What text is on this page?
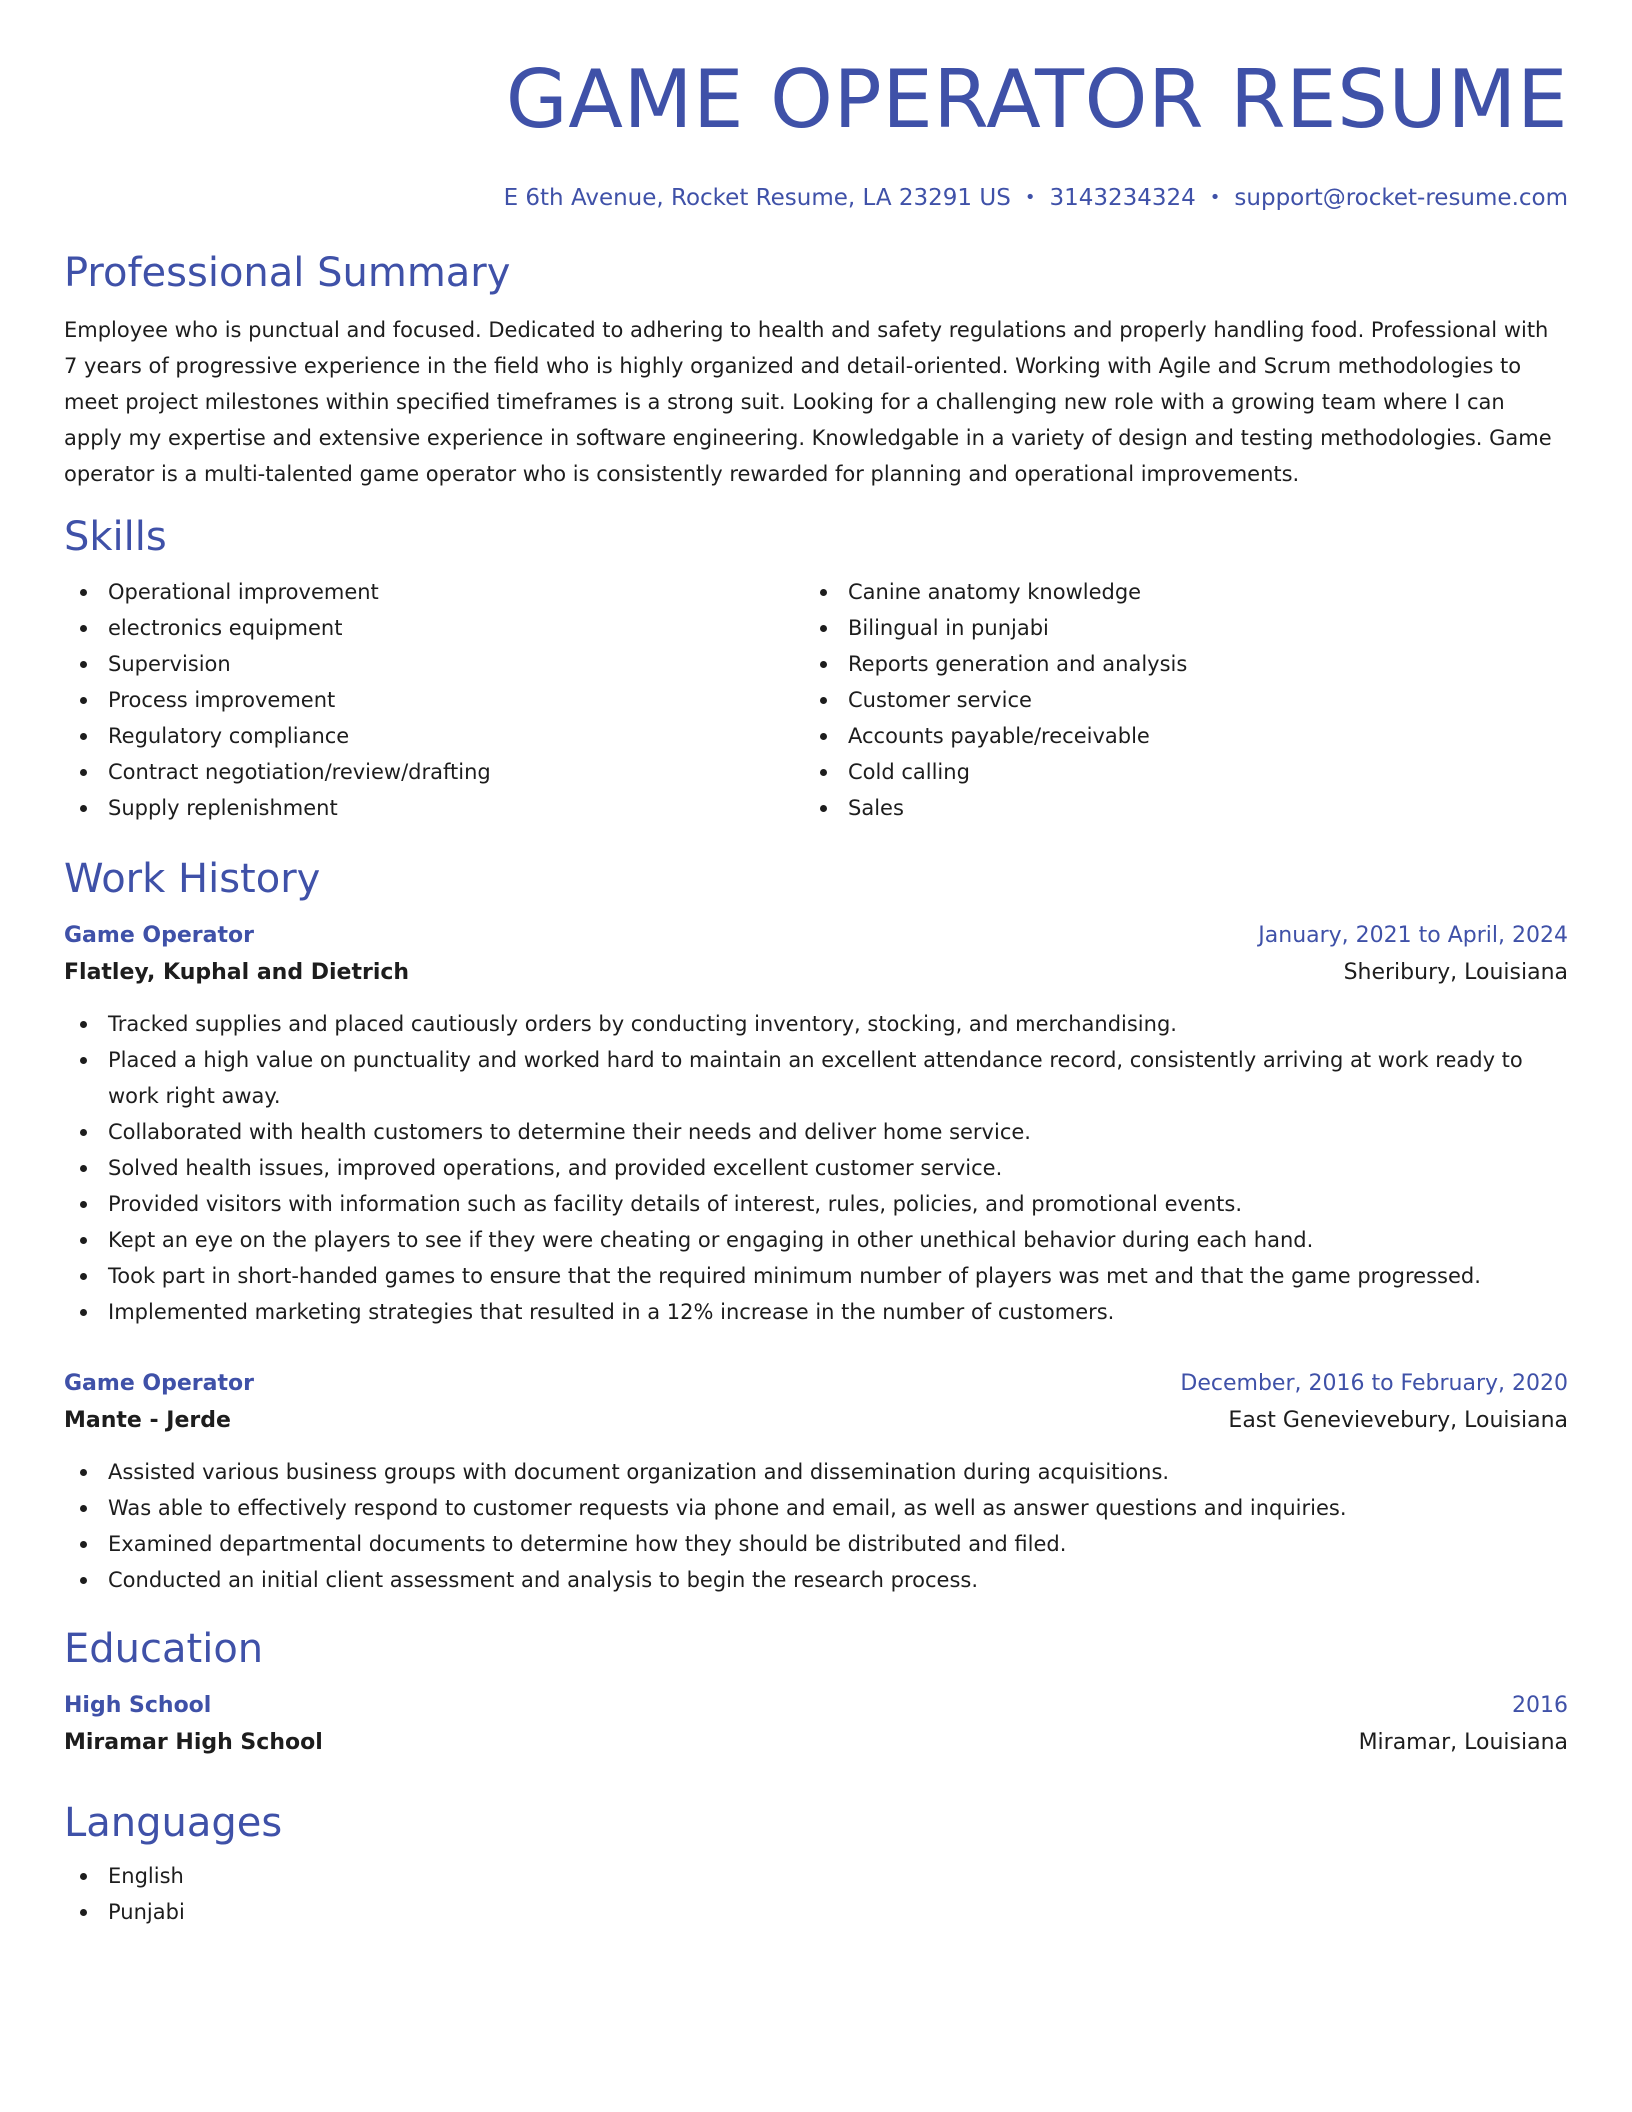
GAME OPERATOR RESUME
E 6th Avenue, Rocket Resume, LA 23291 US • 3143234324 • support@rocket-resume.com
Professional Summary

Employee who is punctual and focused. Dedicated to adhering to health and safety regulations and properly handling food. Professional with 7 years of progressive experience in the field who is highly organized and detail-oriented. Working with Agile and Scrum methodologies to meet project milestones within specified timeframes is a strong suit. Looking for a challenging new role with a growing team where I can apply my expertise and extensive experience in software engineering. Knowledgable in a variety of design and testing methodologies. Game operator is a multi-talented game operator who is consistently rewarded for planning and operational improvements.

Skills
Operational improvement
electronics equipment
Supervision
Process improvement
Regulatory compliance
Contract negotiation/review/drafting
Supply replenishment
Canine anatomy knowledge
Bilingual in punjabi
Reports generation and analysis
Customer service
Accounts payable/receivable
Cold calling
Sales
Work History
Game Operator	January, 2021 to April, 2024
Flatley, Kuphal and Dietrich	Sheribury, Louisiana
Tracked supplies and placed cautiously orders by conducting inventory, stocking, and merchandising.
Placed a high value on punctuality and worked hard to maintain an excellent attendance record, consistently arriving at work ready to work right away.
Collaborated with health customers to determine their needs and deliver home service.
Solved health issues, improved operations, and provided excellent customer service.
Provided visitors with information such as facility details of interest, rules, policies, and promotional events.
Kept an eye on the players to see if they were cheating or engaging in other unethical behavior during each hand.
Took part in short-handed games to ensure that the required minimum number of players was met and that the game progressed.
Implemented marketing strategies that resulted in a 12% increase in the number of customers.
Game Operator	December, 2016 to February, 2020
Mante - Jerde	East Genevievebury, Louisiana
Assisted various business groups with document organization and dissemination during acquisitions.
Was able to effectively respond to customer requests via phone and email, as well as answer questions and inquiries.
Examined departmental documents to determine how they should be distributed and filed.
Conducted an initial client assessment and analysis to begin the research process.
Education
High School	2016
Miramar High School	Miramar, Louisiana
Languages
English
Punjabi
